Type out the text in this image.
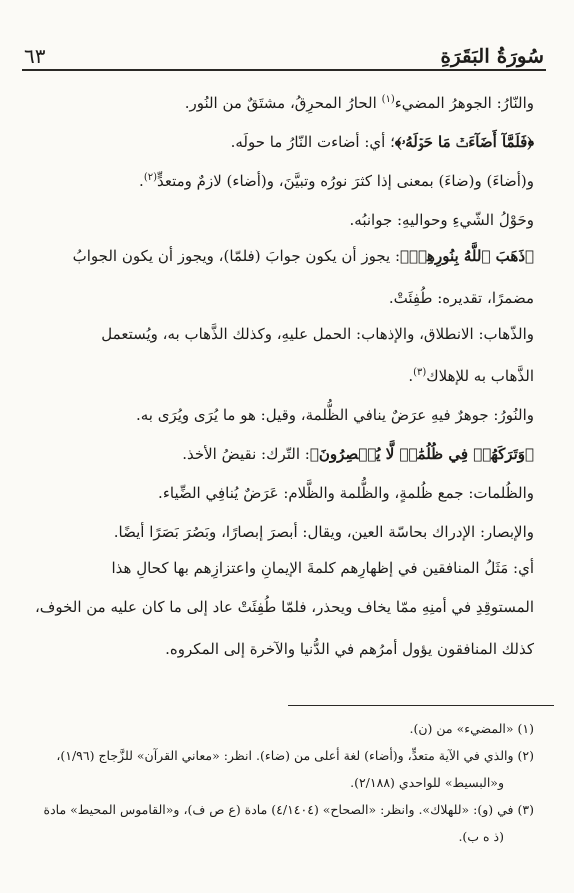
٦٣	سُورَةُ البَقَرَةِ

والنّارُ: الجوهرُ المضيء$^{(١)}$ الحارُ المحرِقُ، مشتَقٌ من النُور.

﴿فَلَمَّآ أَضَآءَتۡ مَا حَوۡلَهُۥ﴾؛ أي: أضاءت النّارُ ما حولَه.

و(أضاءَ) و(ضاءَ) بمعنى إذا كثرَ نورُه وتبيَّنَ، و(أضاء) لازمٌ ومتعدٍّ$^{(٢)}$.

وحَوْلُ الشّيءِ وحواليهِ: جوانبُه.

﴿ذَهَبَ ٱللَّهُ بِنُورِهِمۡ﴾: يجوز أن يكون جوابَ (فلمّا)، ويجوز أن يكون الجوابُ

مضمرًا، تقديره: طُفِئَتْ.

والذّهاب: الانطلاق، والإذهاب: الحمل عليهِ، وكذلك الذَّهاب به، ويُستعمل

الذَّهاب به للإهلاك$^{(٣)}$.

والنُورُ: جوهرٌ فيهِ عرَضٌ ينافي الظُّلمة، وقيل: هو ما يُرَى ويُرَى به.

﴿وَتَرَكَهُمۡ فِي ظُلُمَٰتٖ لَّا يُبۡصِرُونَ﴾: التّرك: نقيضُ الأخذ.

والظُلمات: جمع ظُلمةٍ، والظُّلمة والظَّلام: عَرَضٌ يُنافِي الضِّياء.

والإبصار: الإدراك بحاسّة العين، ويقال: أبصرَ إبصارًا، وبَصُرَ بَصَرًا أيضًا.

أي: مَثَلُ المنافقين في إظهارِهم كلمةَ الإيمانِ واعتزازِهم بها كحالِ هذا

المستوقِدِ في أمنِهِ ممّا يخاف ويحذر، فلمّا طُفِئَتْ عاد إلى ما كان عليه من الخوف،

كذلك المنافقون يؤول أمرُهم في الدُّنيا والآخرة إلى المكروه.

(١) «المضيء» من (ن).

(٢) والذي في الآية متعدٍّ، و(أضاء) لغة أعلى من (ضاء). انظر: «معاني القرآن» للزَّجاج (١/٩٦)،

و«البسيط» للواحدي (٢/١٨٨).

(٣) في (و): «للهلاك». وانظر: «الصحاح» (٤/١٤٠٤) مادة (ع ص ف)، و«القاموس المحيط» مادة

(ذ ه ب).
